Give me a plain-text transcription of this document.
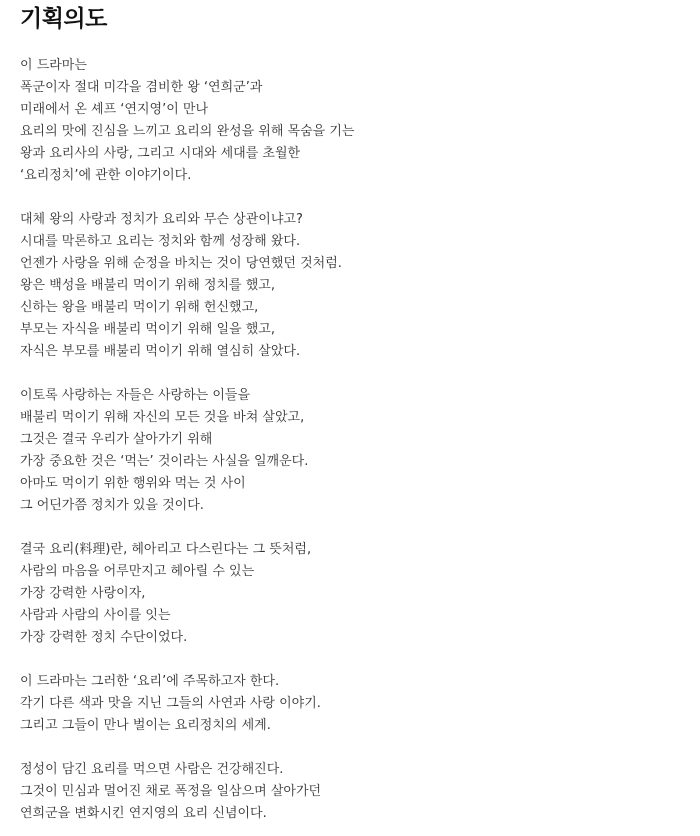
기획의도
이 드라마는
폭군이자 절대 미각을 겸비한 왕 ‘연희군’과
미래에서 온 셰프 ‘연지영’이 만나
요리의 맛에 진심을 느끼고 요리의 완성을 위해 목숨을 기는
왕과 요리사의 사랑, 그리고 시대와 세대를 초월한
‘요리정치’에 관한 이야기이다.
대체 왕의 사랑과 정치가 요리와 무슨 상관이냐고?
시대를 막론하고 요리는 정치와 함께 성장해 왔다.
언젠가 사랑을 위해 순정을 바치는 것이 당연했던 것처럼.
왕은 백성을 배불리 먹이기 위해 정치를 했고,
신하는 왕을 배불리 먹이기 위해 헌신했고,
부모는 자식을 배불리 먹이기 위해 일을 했고,
자식은 부모를 배불리 먹이기 위해 열심히 살았다.
이토록 사랑하는 자들은 사랑하는 이들을
배불리 먹이기 위해 자신의 모든 것을 바쳐 살았고,
그것은 결국 우리가 살아가기 위해
가장 중요한 것은 ‘먹는’ 것이라는 사실을 일깨운다.
아마도 먹이기 위한 행위와 먹는 것 사이
그 어딘가쯤 정치가 있을 것이다.
결국 요리(料理)란, 헤아리고 다스린다는 그 뜻처럼,
사람의 마음을 어루만지고 헤아릴 수 있는
가장 강력한 사랑이자,
사람과 사람의 사이를 잇는
가장 강력한 정치 수단이었다.
이 드라마는 그러한 ‘요리’에 주목하고자 한다.
각기 다른 색과 맛을 지닌 그들의 사연과 사랑 이야기.
그리고 그들이 만나 벌이는 요리정치의 세계.
정성이 담긴 요리를 먹으면 사람은 건강해진다.
그것이 민심과 멀어진 채로 폭정을 일삼으며 살아가던
연희군을 변화시킨 연지영의 요리 신념이다.
